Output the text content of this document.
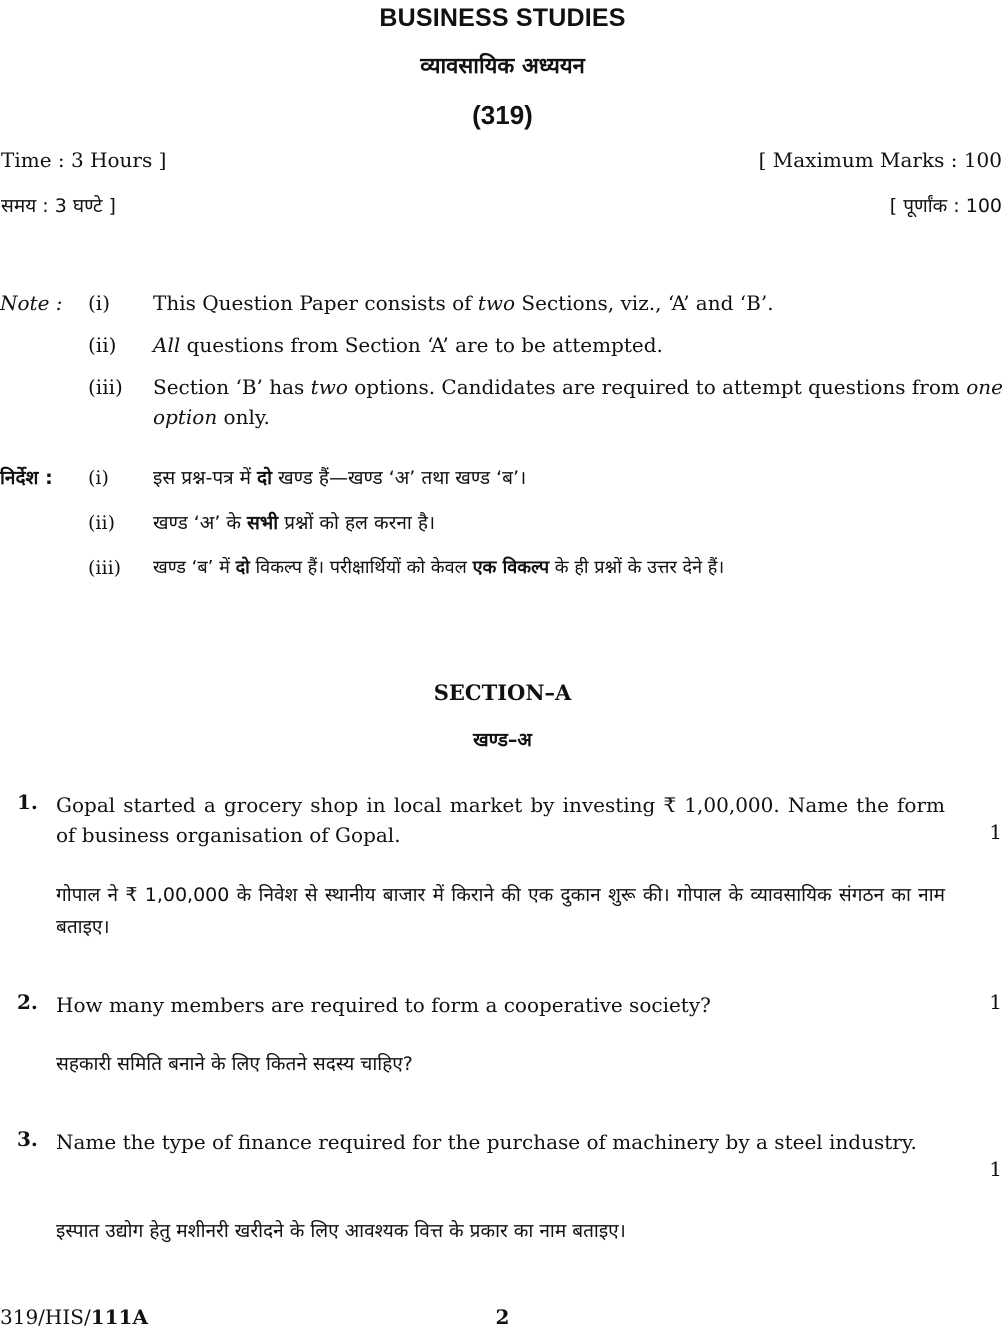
BUSINESS STUDIES
व्यावसायिक अध्ययन
(319)
Time : 3 Hours ]	[ Maximum Marks : 100
समय : 3 घण्टे ]	[ पूर्णांक : 100
Note : (i) This Question Paper consists of two Sections, viz., ‘A’ and ‘B’.
(ii) All questions from Section ‘A’ are to be attempted.
(iii) Section ‘B’ has two options. Candidates are required to attempt questions from one option only.
निर्देश : (i) इस प्रश्न-पत्र में दो खण्ड हैं—खण्ड ‘अ’ तथा खण्ड ‘ब’।
(ii) खण्ड ‘अ’ के सभी प्रश्नों को हल करना है।
(iii) खण्ड ‘ब’ में दो विकल्प हैं। परीक्षार्थियों को केवल एक विकल्प के ही प्रश्नों के उत्तर देने हैं।
SECTION–A
खण्ड–अ
1. Gopal started a grocery shop in local market by investing ₹ 1,00,000. Name the form of business organisation of Gopal.	1
गोपाल ने ₹ 1,00,000 के निवेश से स्थानीय बाजार में किराने की एक दुकान शुरू की। गोपाल के व्यावसायिक संगठन का नाम बताइए।
2. How many members are required to form a cooperative society?	1
सहकारी समिति बनाने के लिए कितने सदस्य चाहिए?
3. Name the type of finance required for the purchase of machinery by a steel industry.
1
इस्पात उद्योग हेतु मशीनरी खरीदने के लिए आवश्यक वित्त के प्रकार का नाम बताइए।
319/HIS/111A	2
